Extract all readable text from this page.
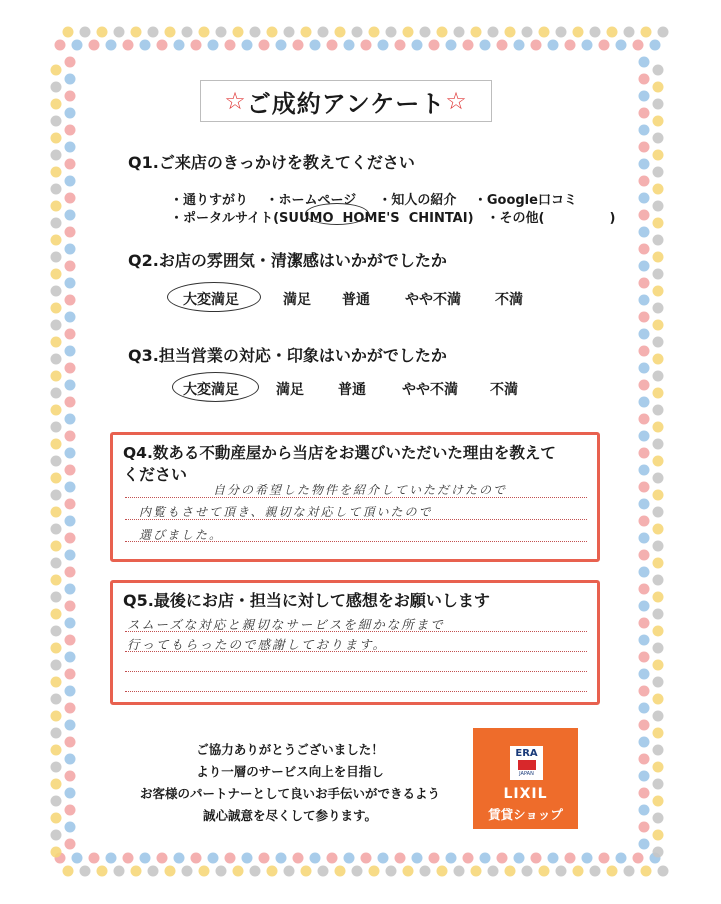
☆ ご成約アンケート ☆
Q1.ご来店のきっかけを教えてください
・通りすがり　 ・ホームページ 　 ・知人の紹介 　・Google口コミ
・ポータルサイト(SUUMO  HOME'S  CHINTAI)　・その他(　　　　　)
Q2.お店の雰囲気・清潔感はいかがでしたか
大変満足	満足 普通	やや不満 不満
Q3.担当営業の対応・印象はいかがでしたか
大変満足	満足 普通	やや不満 不満
Q4.数ある不動産屋から当店をお選びいただいた理由を教えて
ください
自分の希望した物件を紹介していただけたので
内覧もさせて頂き、親切な対応して頂いたので
選びました。
Q5.最後にお店・担当に対して感想をお願いします
スムーズな対応と親切なサービスを細かな所まで
行ってもらったので感謝しております。
ご協力ありがとうございました！
より一層のサービス向上を目指し
お客様のパートナーとして良いお手伝いができるよう
誠心誠意を尽くして参ります。
ERA
JAPAN
LIXIL
賃貸ショップ
